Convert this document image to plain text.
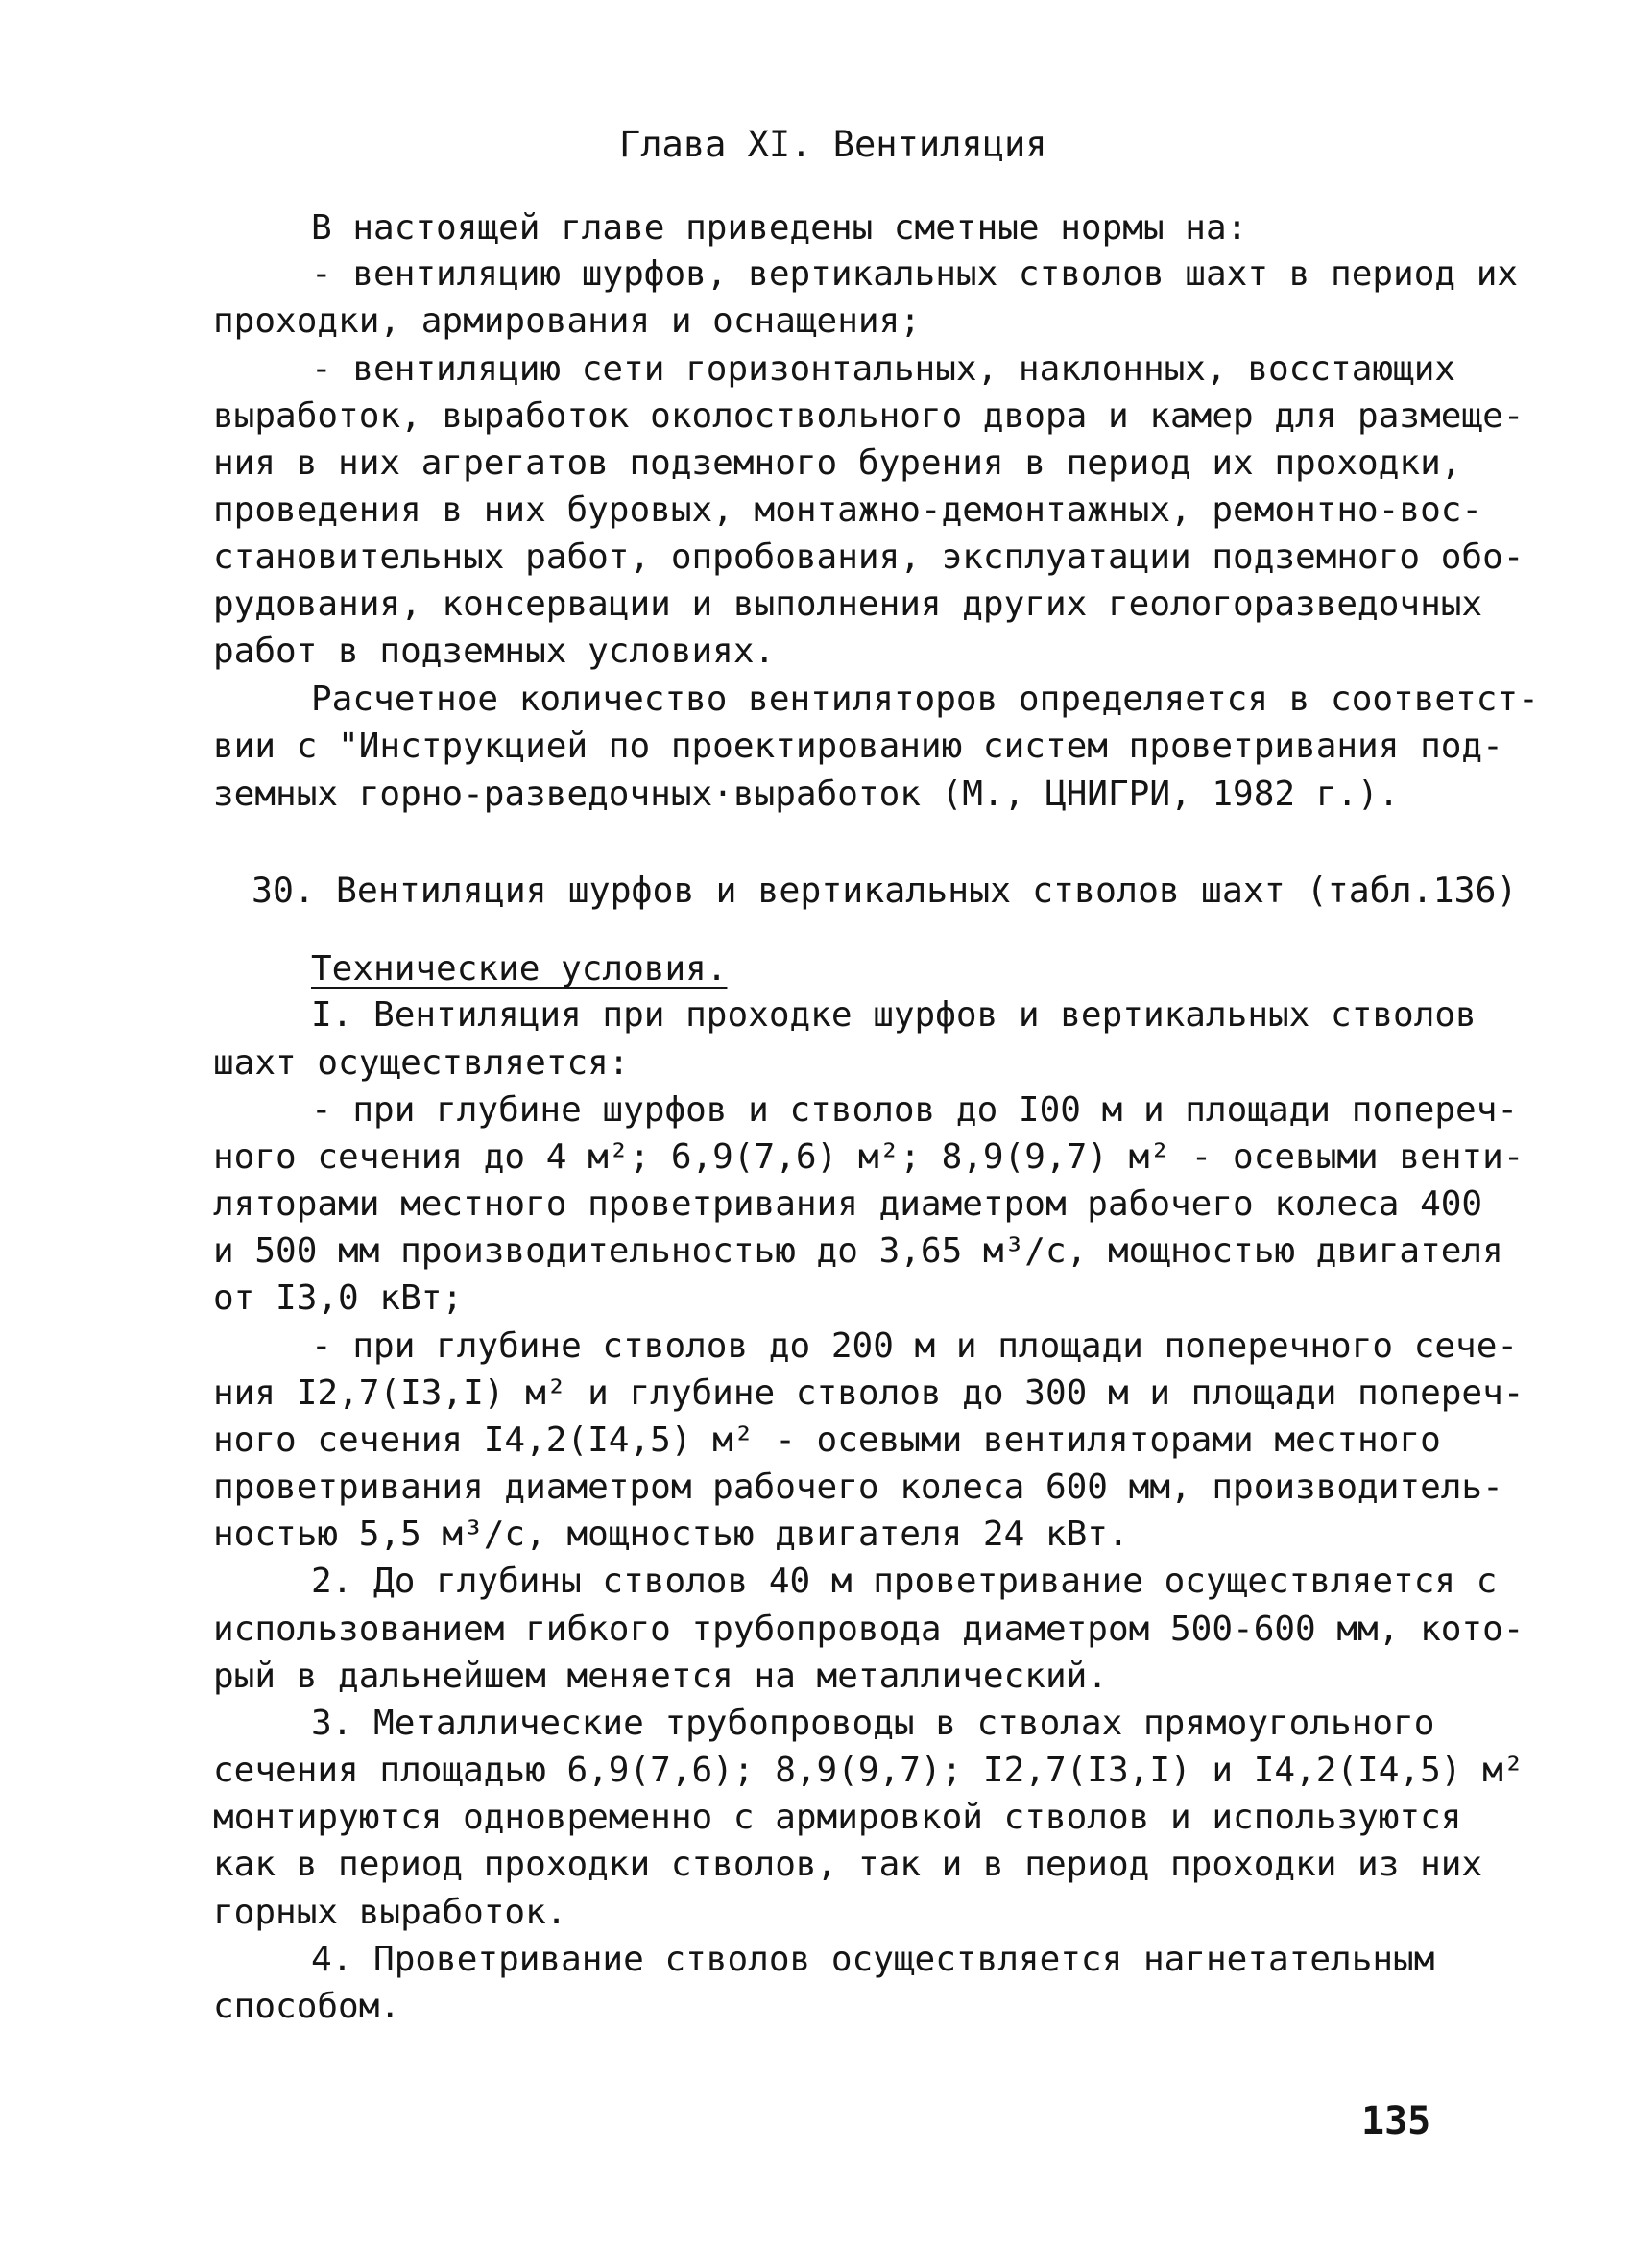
Глава XI. Вентиляция
В настоящей главе приведены сметные нормы на:
- вентиляцию шурфов, вертикальных стволов шахт в период их
проходки, армирования и оснащения;
- вентиляцию сети горизонтальных, наклонных, восстающих
выработок, выработок околоствольного двора и камер для размеще-
ния в них агрегатов подземного бурения в период их проходки,
проведения в них буровых, монтажно-демонтажных, ремонтно-вос-
становительных работ, опробования, эксплуатации подземного обо-
рудования, консервации и выполнения других геологоразведочных
работ в подземных условиях.
Расчетное количество вентиляторов определяется в соответст-
вии с "Инструкцией по проектированию систем проветривания под-
земных горно-разведочных·выработок (М., ЦНИГРИ, 1982 г.).
30. Вентиляция шурфов и вертикальных стволов шахт (табл.136)
Технические условия.
I. Вентиляция при проходке шурфов и вертикальных стволов
шахт осуществляется:
- при глубине шурфов и стволов до I00 м и площади попереч-
ного сечения до 4 м²; 6,9(7,6) м²; 8,9(9,7) м² - осевыми венти-
ляторами местного проветривания диаметром рабочего колеса 400
и 500 мм производительностью до 3,65 м³/с, мощностью двигателя
от I3,0 кВт;
- при глубине стволов до 200 м и площади поперечного сече-
ния I2,7(I3,I) м² и глубине стволов до 300 м и площади попереч-
ного сечения I4,2(I4,5) м² - осевыми вентиляторами местного
проветривания диаметром рабочего колеса 600 мм, производитель-
ностью 5,5 м³/с, мощностью двигателя 24 кВт.
2. До глубины стволов 40 м проветривание осуществляется с
использованием гибкого трубопровода диаметром 500-600 мм, кото-
рый в дальнейшем меняется на металлический.
3. Металлические трубопроводы в стволах прямоугольного
сечения площадью 6,9(7,6); 8,9(9,7); I2,7(I3,I) и I4,2(I4,5) м²
монтируются одновременно с армировкой стволов и используются
как в период проходки стволов, так и в период проходки из них
горных выработок.
4. Проветривание стволов осуществляется нагнетательным
способом.
135
